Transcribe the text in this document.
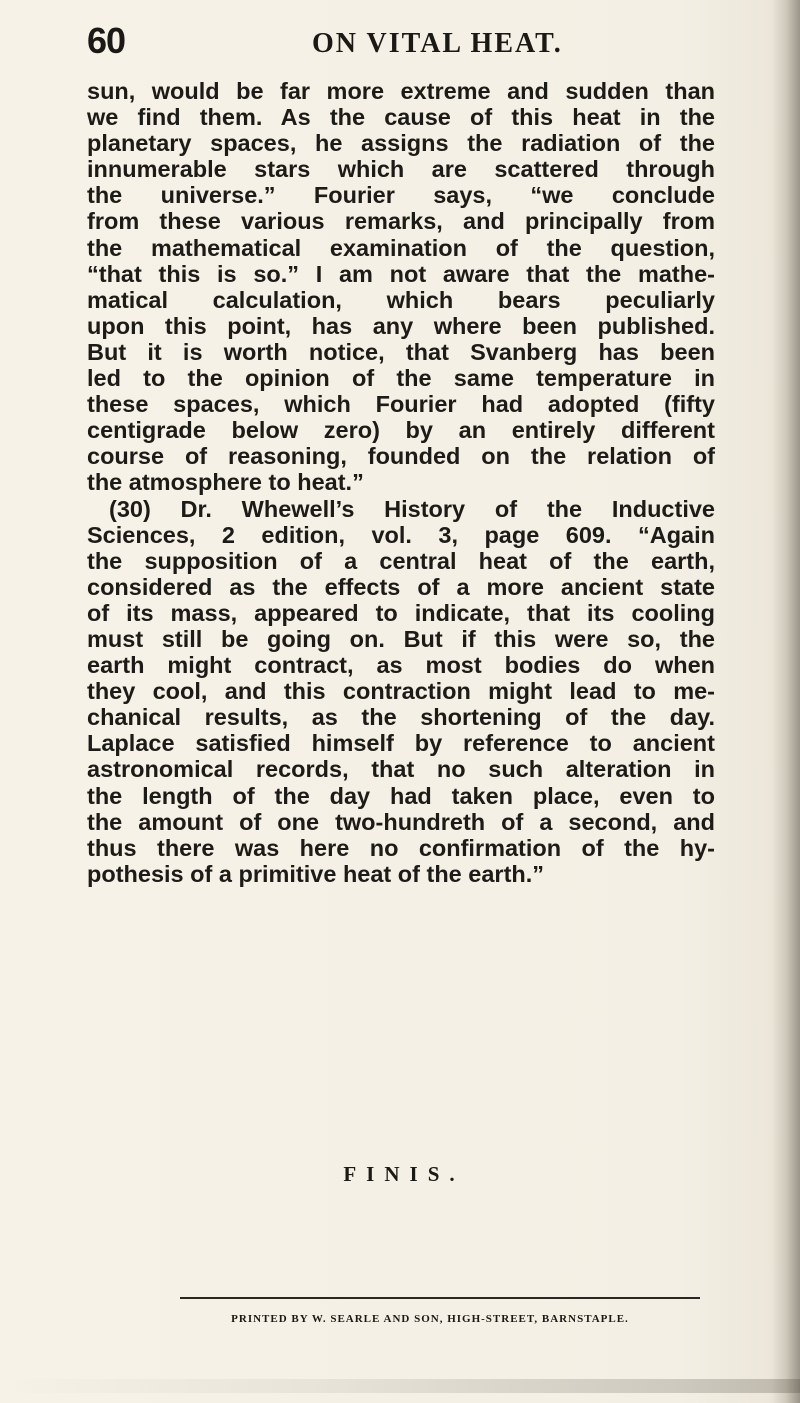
60	ON VITAL HEAT.
sun, would be far more extreme and sudden than
we find them. As the cause of this heat in the
planetary spaces, he assigns the radiation of the
innumerable stars which are scattered through
the universe.” Fourier says, “we conclude
from these various remarks, and principally from
the mathematical examination of the question,
“that this is so.” I am not aware that the mathe-
matical calculation, which bears peculiarly
upon this point, has any where been published.
But it is worth notice, that Svanberg has been
led to the opinion of the same temperature in
these spaces, which Fourier had adopted (fifty
centigrade below zero) by an entirely different
course of reasoning, founded on the relation of
the atmosphere to heat.”
(30) Dr. Whewell’s History of the Inductive
Sciences, 2 edition, vol. 3, page 609. “Again
the supposition of a central heat of the earth,
considered as the effects of a more ancient state
of its mass, appeared to indicate, that its cooling
must still be going on. But if this were so, the
earth might contract, as most bodies do when
they cool, and this contraction might lead to me-
chanical results, as the shortening of the day.
Laplace satisfied himself by reference to ancient
astronomical records, that no such alteration in
the length of the day had taken place, even to
the amount of one two-hundreth of a second, and
thus there was here no confirmation of the hy-
pothesis of a primitive heat of the earth.”
FINIS.
PRINTED BY W. SEARLE AND SON, HIGH-STREET, BARNSTAPLE.
